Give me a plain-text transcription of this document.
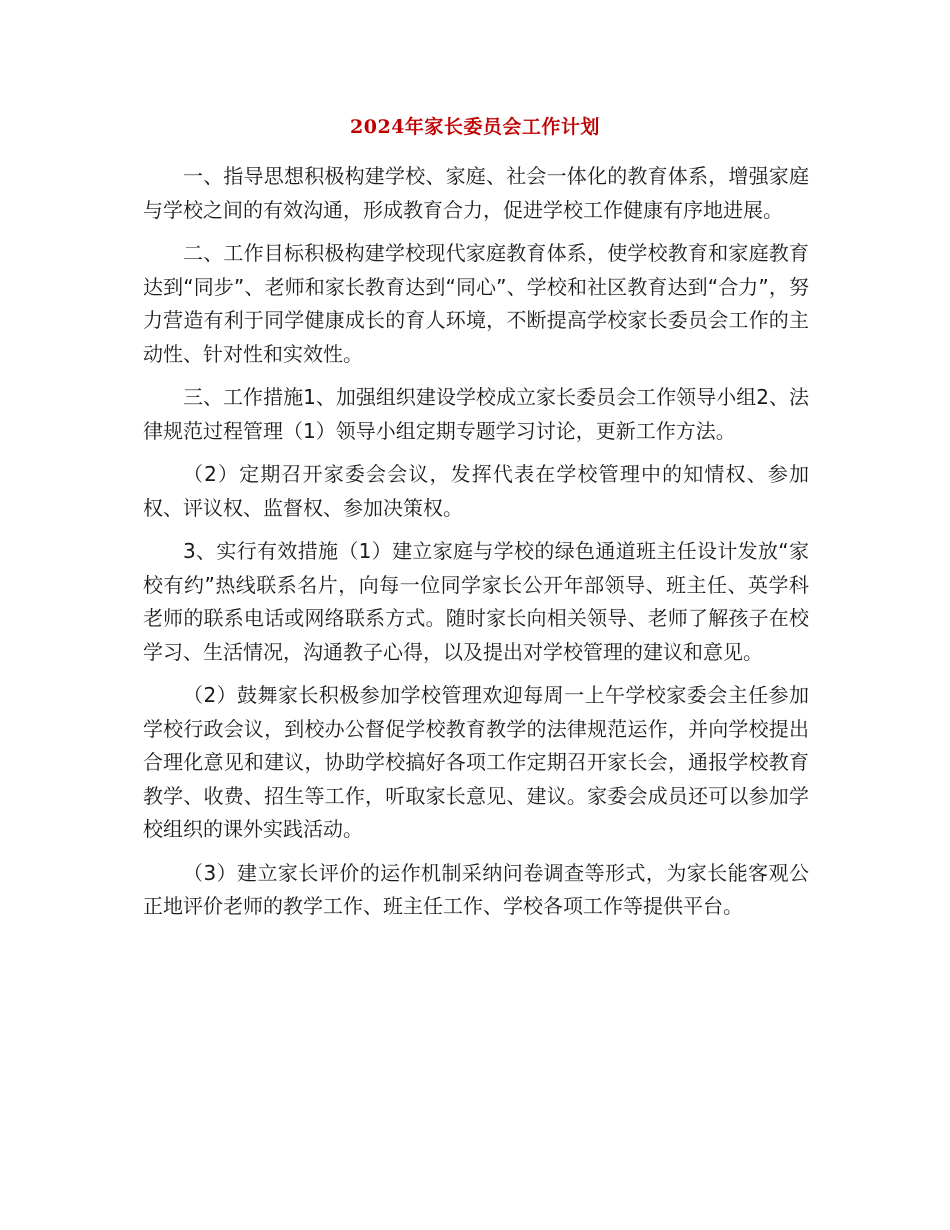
2024年家长委员会工作计划

一、指导思想积极构建学校、家庭、社会一体化的教育体系，增强家庭与学校之间的有效沟通，形成教育合力，促进学校工作健康有序地进展。

二、工作目标积极构建学校现代家庭教育体系，使学校教育和家庭教育达到“同步”、老师和家长教育达到“同心”、学校和社区教育达到“合力”，努力营造有利于同学健康成长的育人环境，不断提高学校家长委员会工作的主动性、针对性和实效性。

三、工作措施1、加强组织建设学校成立家长委员会工作领导小组2、法律规范过程管理（1）领导小组定期专题学习讨论，更新工作方法。

（2）定期召开家委会会议，发挥代表在学校管理中的知情权、参加权、评议权、监督权、参加决策权。

3、实行有效措施（1）建立家庭与学校的绿色通道班主任设计发放“家校有约”热线联系名片，向每一位同学家长公开年部领导、班主任、英学科老师的联系电话或网络联系方式。随时家长向相关领导、老师了解孩子在校学习、生活情况，沟通教子心得，以及提出对学校管理的建议和意见。

（2）鼓舞家长积极参加学校管理欢迎每周一上午学校家委会主任参加学校行政会议，到校办公督促学校教育教学的法律规范运作，并向学校提出合理化意见和建议，协助学校搞好各项工作定期召开家长会，通报学校教育教学、收费、招生等工作，听取家长意见、建议。家委会成员还可以参加学校组织的课外实践活动。

（3）建立家长评价的运作机制采纳问卷调查等形式，为家长能客观公正地评价老师的教学工作、班主任工作、学校各项工作等提供平台。
